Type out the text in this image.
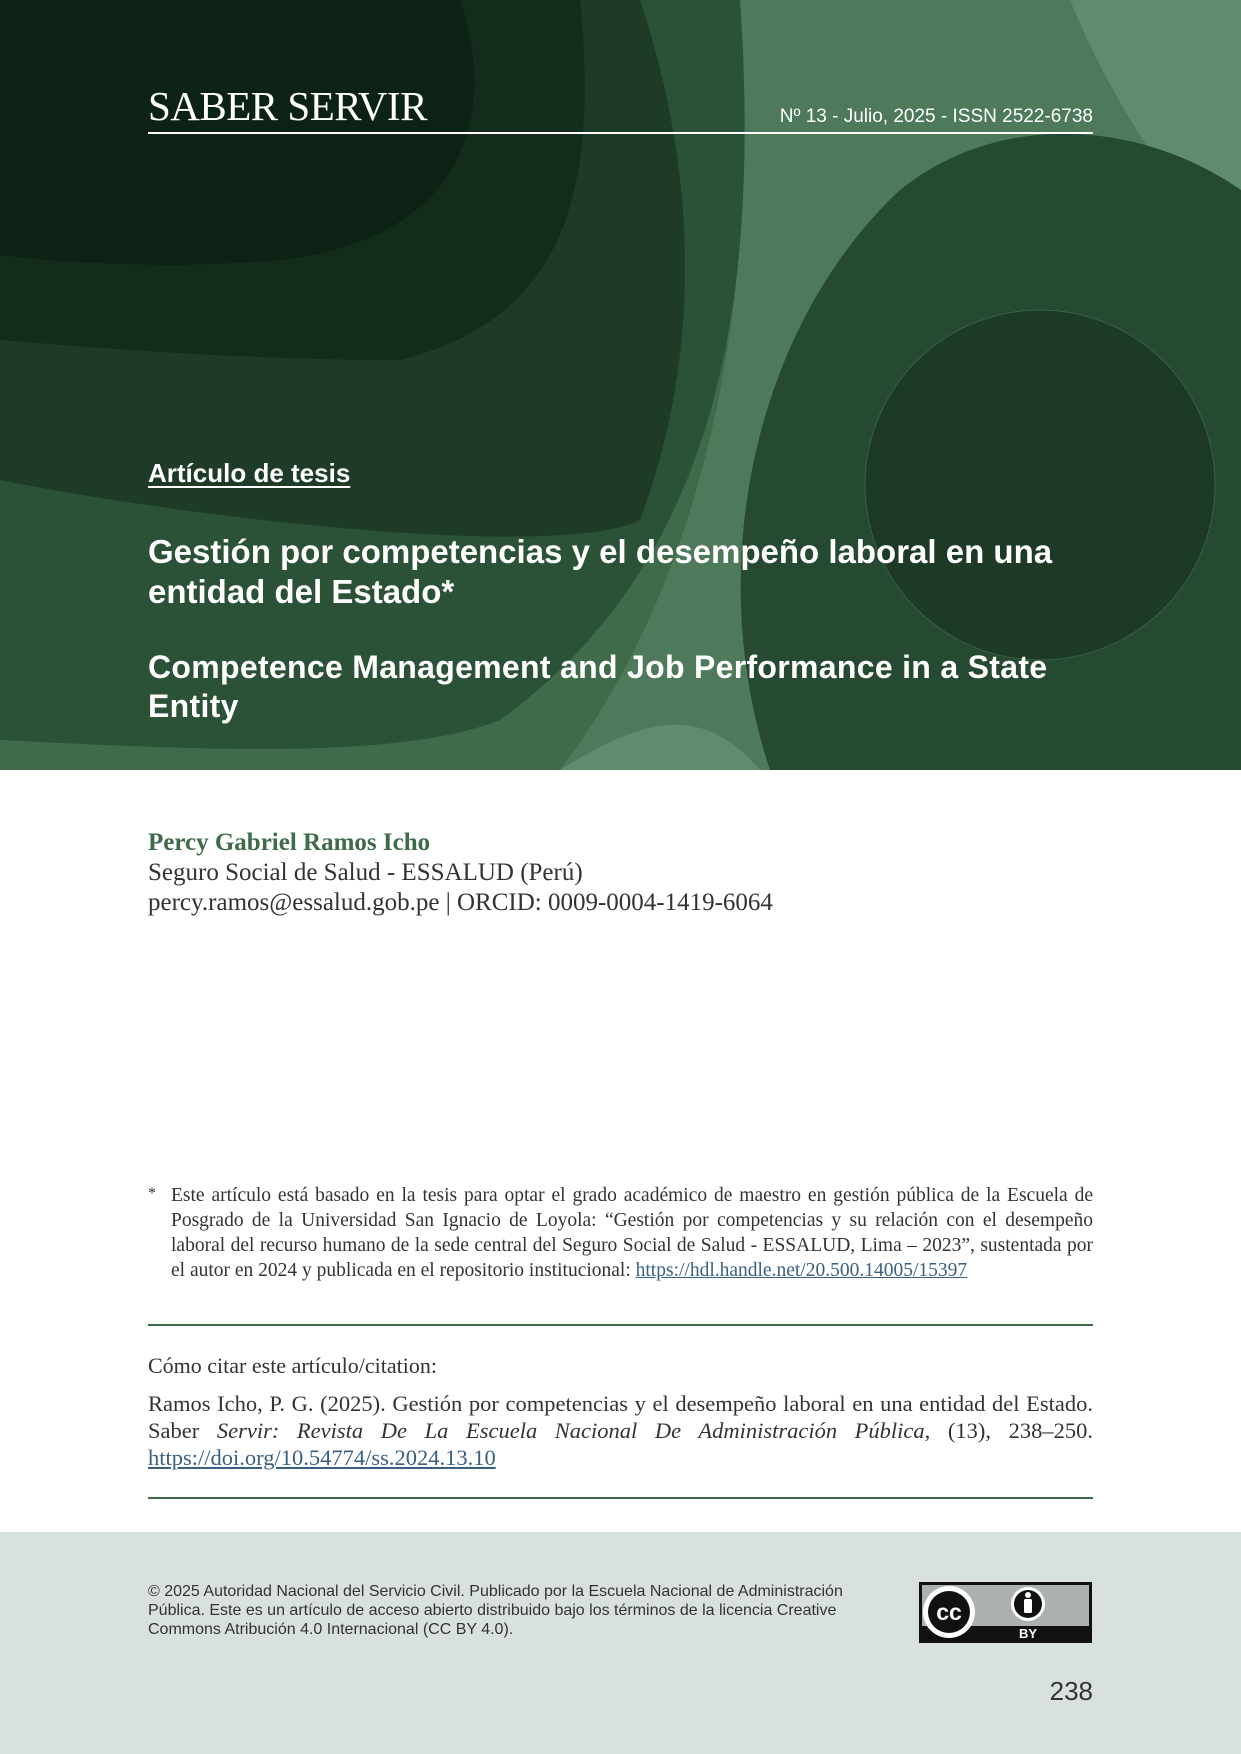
SABER SERVIR	Nº 13 - Julio, 2025 - ISSN 2522-6738
Artículo de tesis
Gestión por competencias y el desempeño laboral en una entidad del Estado*
Competence Management and Job Performance in a State Entity
Percy Gabriel Ramos Icho
Seguro Social de Salud - ESSALUD (Perú)
percy.ramos@essalud.gob.pe | ORCID: 0009-0004-1419-6064
* Este artículo está basado en la tesis para optar el grado académico de maestro en gestión pública de la Escuela de Posgrado de la Universidad San Ignacio de Loyola: “Gestión por competencias y su relación con el desempeño laboral del recurso humano de la sede central del Seguro Social de Salud - ESSALUD, Lima – 2023”, sustentada por el autor en 2024 y publicada en el repositorio institucional: https://hdl.handle.net/20.500.14005/15397
Cómo citar este artículo/citation:
Ramos Icho, P. G. (2025). Gestión por competencias y el desempeño laboral en una entidad del Estado. Saber Servir: Revista De La Escuela Nacional De Administración Pública, (13), 238–250. https://doi.org/10.54774/ss.2024.13.10
© 2025 Autoridad Nacional del Servicio Civil. Publicado por la Escuela Nacional de Administración Pública. Este es un artículo de acceso abierto distribuido bajo los términos de la licencia Creative Commons Atribución 4.0 Internacional (CC BY 4.0).
cc
BY
238
